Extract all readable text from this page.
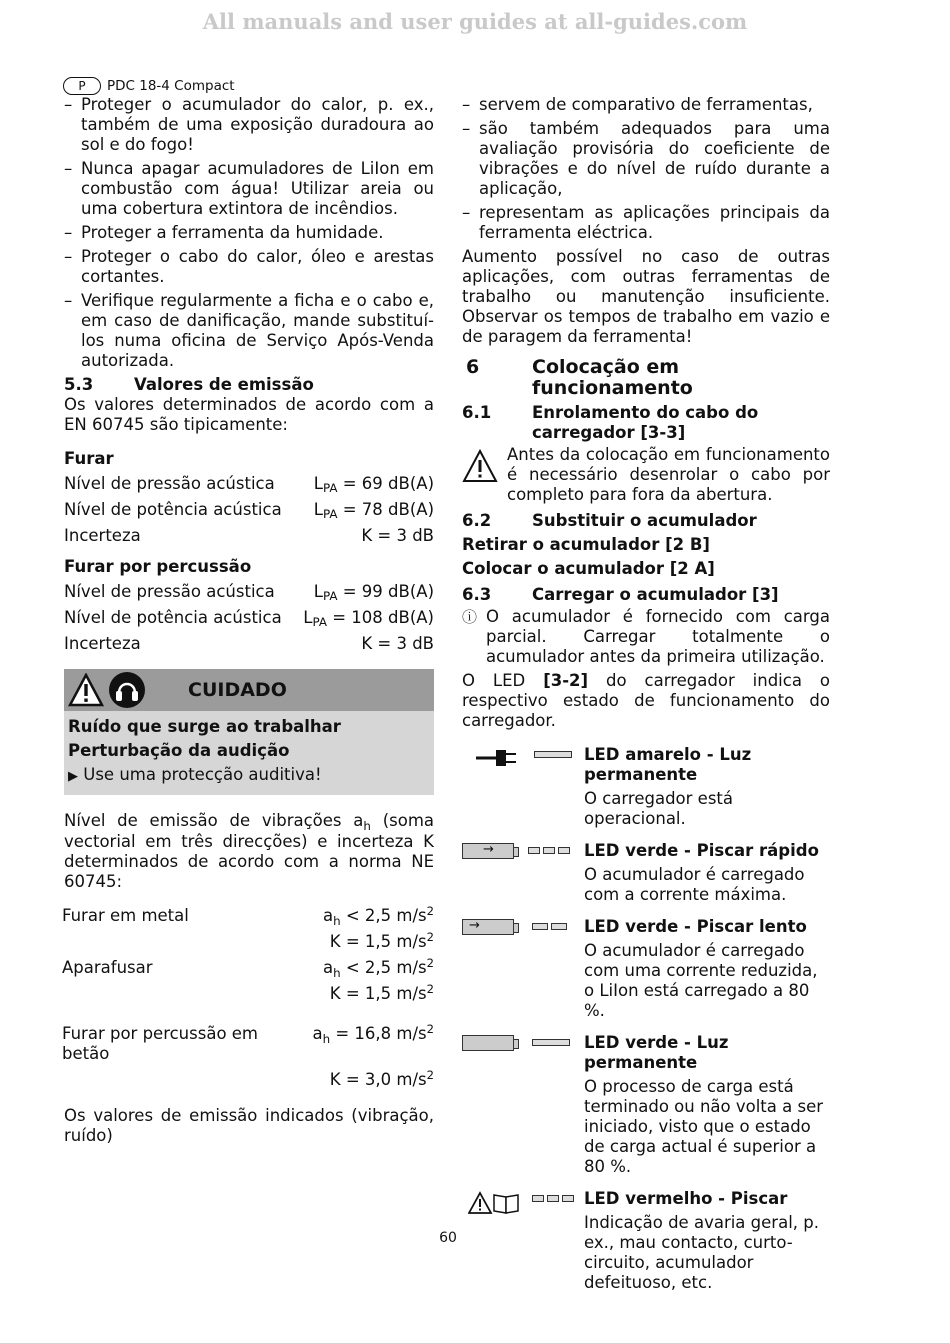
All manuals and user guides at all-guides.com
P	PDC 18-4 Compact
– Proteger o acumulador do calor, p. ex., também de uma exposição duradoura ao sol e do fogo!
– Nunca apagar acumuladores de LiIon em combustão com água! Utilizar areia ou uma cobertura extintora de incêndios.
– Proteger a ferramenta da humidade.
– Proteger o cabo do calor, óleo e arestas cortantes.
– Verifique regularmente a ficha e o cabo e, em caso de danificação, mande substituí-los numa oficina de Serviço Após-Venda autorizada.
5.3	Valores de emissão
Os valores determinados de acordo com a EN 60745 são tipicamente:
Furar
Nível de pressão acústica $L_{PA} = 69$ dB(A)
Nível de potência acústica $L_{PA} = 78$ dB(A)
Incerteza	K = 3 dB
Furar por percussão
Nível de pressão acústica $L_{PA} = 99$ dB(A)
Nível de potência acústica $L_{PA} = 108$ dB(A)
Incerteza	K = 3 dB
CUIDADO
Ruído que surge ao trabalhar
Perturbação da audição
▶ Use uma protecção auditiva!
Nível de emissão de vibrações $a_h$ (soma vectorial em três direcções) e incerteza K determinados de acordo com a norma NE 60745:
Furar em metal	$a_h < 2,5$ $m/s^2$
K = 1,5 $m/s^2$
Aparafusar	$a_h < 2,5$ $m/s^2$
K = 1,5 $m/s^2$
Furar por percussão em betão
$a_h = 16,8$ $m/s^2$
K = 3,0 $m/s^2$
Os valores de emissão indicados (vibração, ruído)
– servem de comparativo de ferramentas,
– são também adequados para uma avaliação provisória do coeficiente de vibrações e do nível de ruído durante a aplicação,
– representam as aplicações principais da ferramenta eléctrica.
Aumento possível no caso de outras aplicações, com outras ferramentas de trabalho ou manutenção insuficiente. Observar os tempos de trabalho em vazio e de paragem da ferramenta!
6	Colocação em funcionamento
6.1	Enrolamento do cabo do carregador [3-3]
Antes da colocação em funcionamento é necessário desenrolar o cabo por completo para fora da abertura.
6.2	Substituir o acumulador
Retirar o acumulador [2 B]
Colocar o acumulador [2 A]
6.3	Carregar o acumulador [3]
ⓘ O acumulador é fornecido com carga parcial. Carregar totalmente o acumulador antes da primeira utilização.
O LED [3-2] do carregador indica o respectivo estado de funcionamento do carregador.
LED amarelo - Luz permanente
O carregador está operacional.
→	LED verde - Piscar rápido
O acumulador é carregado com a corrente máxima.
→	LED verde - Piscar lento
O acumulador é carregado com uma corrente reduzida, o LiIon está carregado a 80 %.
LED verde - Luz permanente
O processo de carga está terminado ou não volta a ser iniciado, visto que o estado de carga actual é superior a 80 %.
LED vermelho - Piscar
Indicação de avaria geral, p. ex., mau contacto, curto-circuito, acumulador defeituoso, etc.
60
